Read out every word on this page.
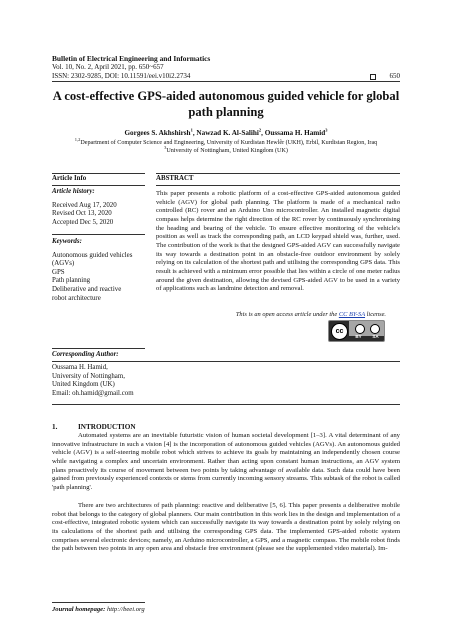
Bulletin of Electrical Engineering and Informatics
Vol. 10, No. 2, April 2021, pp. 650~657
ISSN: 2302-9285, DOI: 10.11591/eei.v10i2.2734	650
A cost-effective GPS-aided autonomous guided vehicle for global path planning
Gorgees S. Akhshirsh$^1$, Nawzad K. Al-Salihi$^2$, Oussama H. Hamid$^3$
$^{1,2}$Department of Computer Science and Engineering, University of Kurdistan Hewlêr (UKH), Erbil, Kurdistan Region, Iraq
$^3$University of Nottingham, United Kingdom (UK)
Article Info	ABSTRACT
Article history:
Received Aug 17, 2020
Revised Oct 13, 2020
Accepted Dec 5, 2020
Keywords:
Autonomous guided vehicles
(AGVs)
GPS
Path planning
Deliberative and reactive
robot architecture
This paper presents a robotic platform of a cost-effective GPS-aided autonomous guided vehicle (AGV) for global path planning. The platform is made of a mechanical radio controlled (RC) rover and an Arduino Uno microcontroller. An installed magnetic digital compass helps determine the right direction of the RC rover by continuously synchronising the heading and bearing of the vehicle. To ensure effective monitoring of the vehicle's position as well as track the corresponding path, an LCD keypad shield was, further, used. The contribution of the work is that the designed GPS-aided AGV can successfully navigate its way towards a destination point in an obstacle-free outdoor environment by solely relying on its calculation of the shortest path and utilising the corresponding GPS data. This result is achieved with a minimum error possible that lies within a circle of one meter radius around the given destination, allowing the devised GPS-aided AGV to be used in a variety of applications such as landmine detection and removal.
This is an open access article under the CC BY-SA license.
cc
BY SA
Corresponding Author:
Oussama H. Hamid,
University of Nottingham,
United Kingdom (UK)
Email: oh.hamid@gmail.com
1.	INTRODUCTION
Automated systems are an inevitable futuristic vision of human societal development [1–3]. A vital determinant of any innovative infrastructure in such a vision [4] is the incorporation of autonomous guided vehicles (AGVs). An autonomous guided vehicle (AGV) is a self-steering mobile robot which strives to achieve its goals by maintaining an independently chosen course while navigating a complex and uncertain environment. Rather than acting upon constant human instructions, an AGV system plans proactively its course of movement between two points by taking advantage of available data. Such data could have been gained from previously experienced contexts or stems from currently incoming sensory streams. This subtask of the robot is called 'path planning'.
There are two architectures of path planning: reactive and deliberative [5, 6]. This paper presents a deliberative mobile robot that belongs to the category of global planners. Our main contribution in this work lies in the design and implementation of a cost-effective, integrated robotic system which can successfully navigate its way towards a destination point by solely relying on its calculations of the shortest path and utilising the corresponding GPS data. The implemented GPS-aided robotic system comprises several electronic devices; namely, an Arduino microcontroller, a GPS, and a magnetic compass. The mobile robot finds the path between two points in any open area and obstacle free environment (please see the supplemented video material). Im-
Journal homepage: http://beei.org
